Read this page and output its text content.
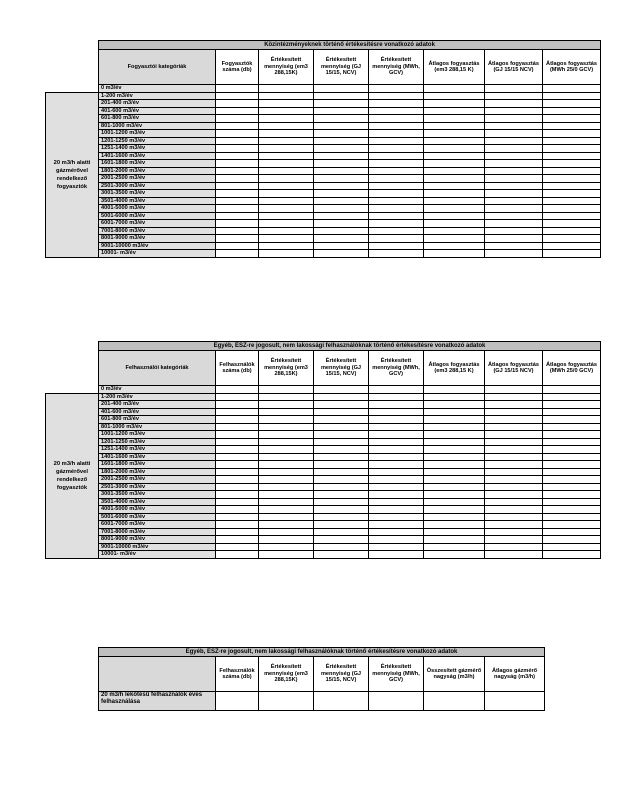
	Közintézményeknek történő értékesítésre vonatkozó adatok							
	Fogyasztói kategóriák	Fogyasztók száma (db)	Értékesített mennyiség (em3 288,15K)	Értékesített mennyiség (GJ 15/15, NCV)	Értékesített mennyiség (MWh, GCV)	Átlagos fogyasztás (em3 288,15 K)	Átlagos fogyasztás (GJ 15/15 NCV)	Átlagos fogyasztás (MWh 25/0 GCV)
	0 m3/év							
20 m3/h alatti gázmérővel rendelkező fogyasztók	1-200 m3/év							
	201-400 m3/év							
	401-600 m3/év							
	601-800 m3/év							
	801-1000 m3/év							
	1001-1200 m3/év							
	1201-1250 m3/év							
	1251-1400 m3/év							
	1401-1600 m3/év							
	1601-1800 m3/év							
	1801-2000 m3/év							
	2001-2500 m3/év							
	2501-3000 m3/év							
	3001-3500 m3/év							
	3501-4000 m3/év							
	4001-5000 m3/év							
	5001-6000 m3/év							
	6001-7000 m3/év							
	7001-8000 m3/év							
	8001-9000 m3/év							
	9001-10000 m3/év							
	10001- m3/év							
	Egyéb, ESZ-re jogosult, nem lakossági felhasználóknak történő értékesítésre vonatkozó adatok							
	Felhasználói kategóriák	Felhasználók száma (db)	Értékesített mennyiség (em3 288,15K)	Értékesített mennyiség (GJ 15/15, NCV)	Értékesített mennyiség (MWh, GCV)	Átlagos fogyasztás (em3 288,15 K)	Átlagos fogyasztás (GJ 15/15 NCV)	Átlagos fogyasztás (MWh 25/0 GCV)
	0 m3/év							
20 m3/h alatti gázmérővel rendelkező fogyasztók	1-200 m3/év							
	201-400 m3/év							
	401-600 m3/év							
	601-800 m3/év							
	801-1000 m3/év							
	1001-1200 m3/év							
	1201-1250 m3/év							
	1251-1400 m3/év							
	1401-1600 m3/év							
	1601-1800 m3/év							
	1801-2000 m3/év							
	2001-2500 m3/év							
	2501-3000 m3/év							
	3001-3500 m3/év							
	3501-4000 m3/év							
	4001-5000 m3/év							
	5001-6000 m3/év							
	6001-7000 m3/év							
	7001-8000 m3/év							
	8001-9000 m3/év							
	9001-10000 m3/év							
	10001- m3/év							
Egyéb, ESZ-re jogosult, nem lakossági felhasználóknak történő értékesítésre vonatkozó adatok						
	Felhasználók száma (db)	Értékesített mennyiség (em3 288,15K)	Értékesített mennyiség (GJ 15/15, NCV)	Értékesített mennyiség (MWh, GCV)	Összesített gázmérő nagyság (m3/h)	Átlagos gázmérő nagyság (m3/h)
20 m3/h lekötésű felhasználók éves felhasználása						
